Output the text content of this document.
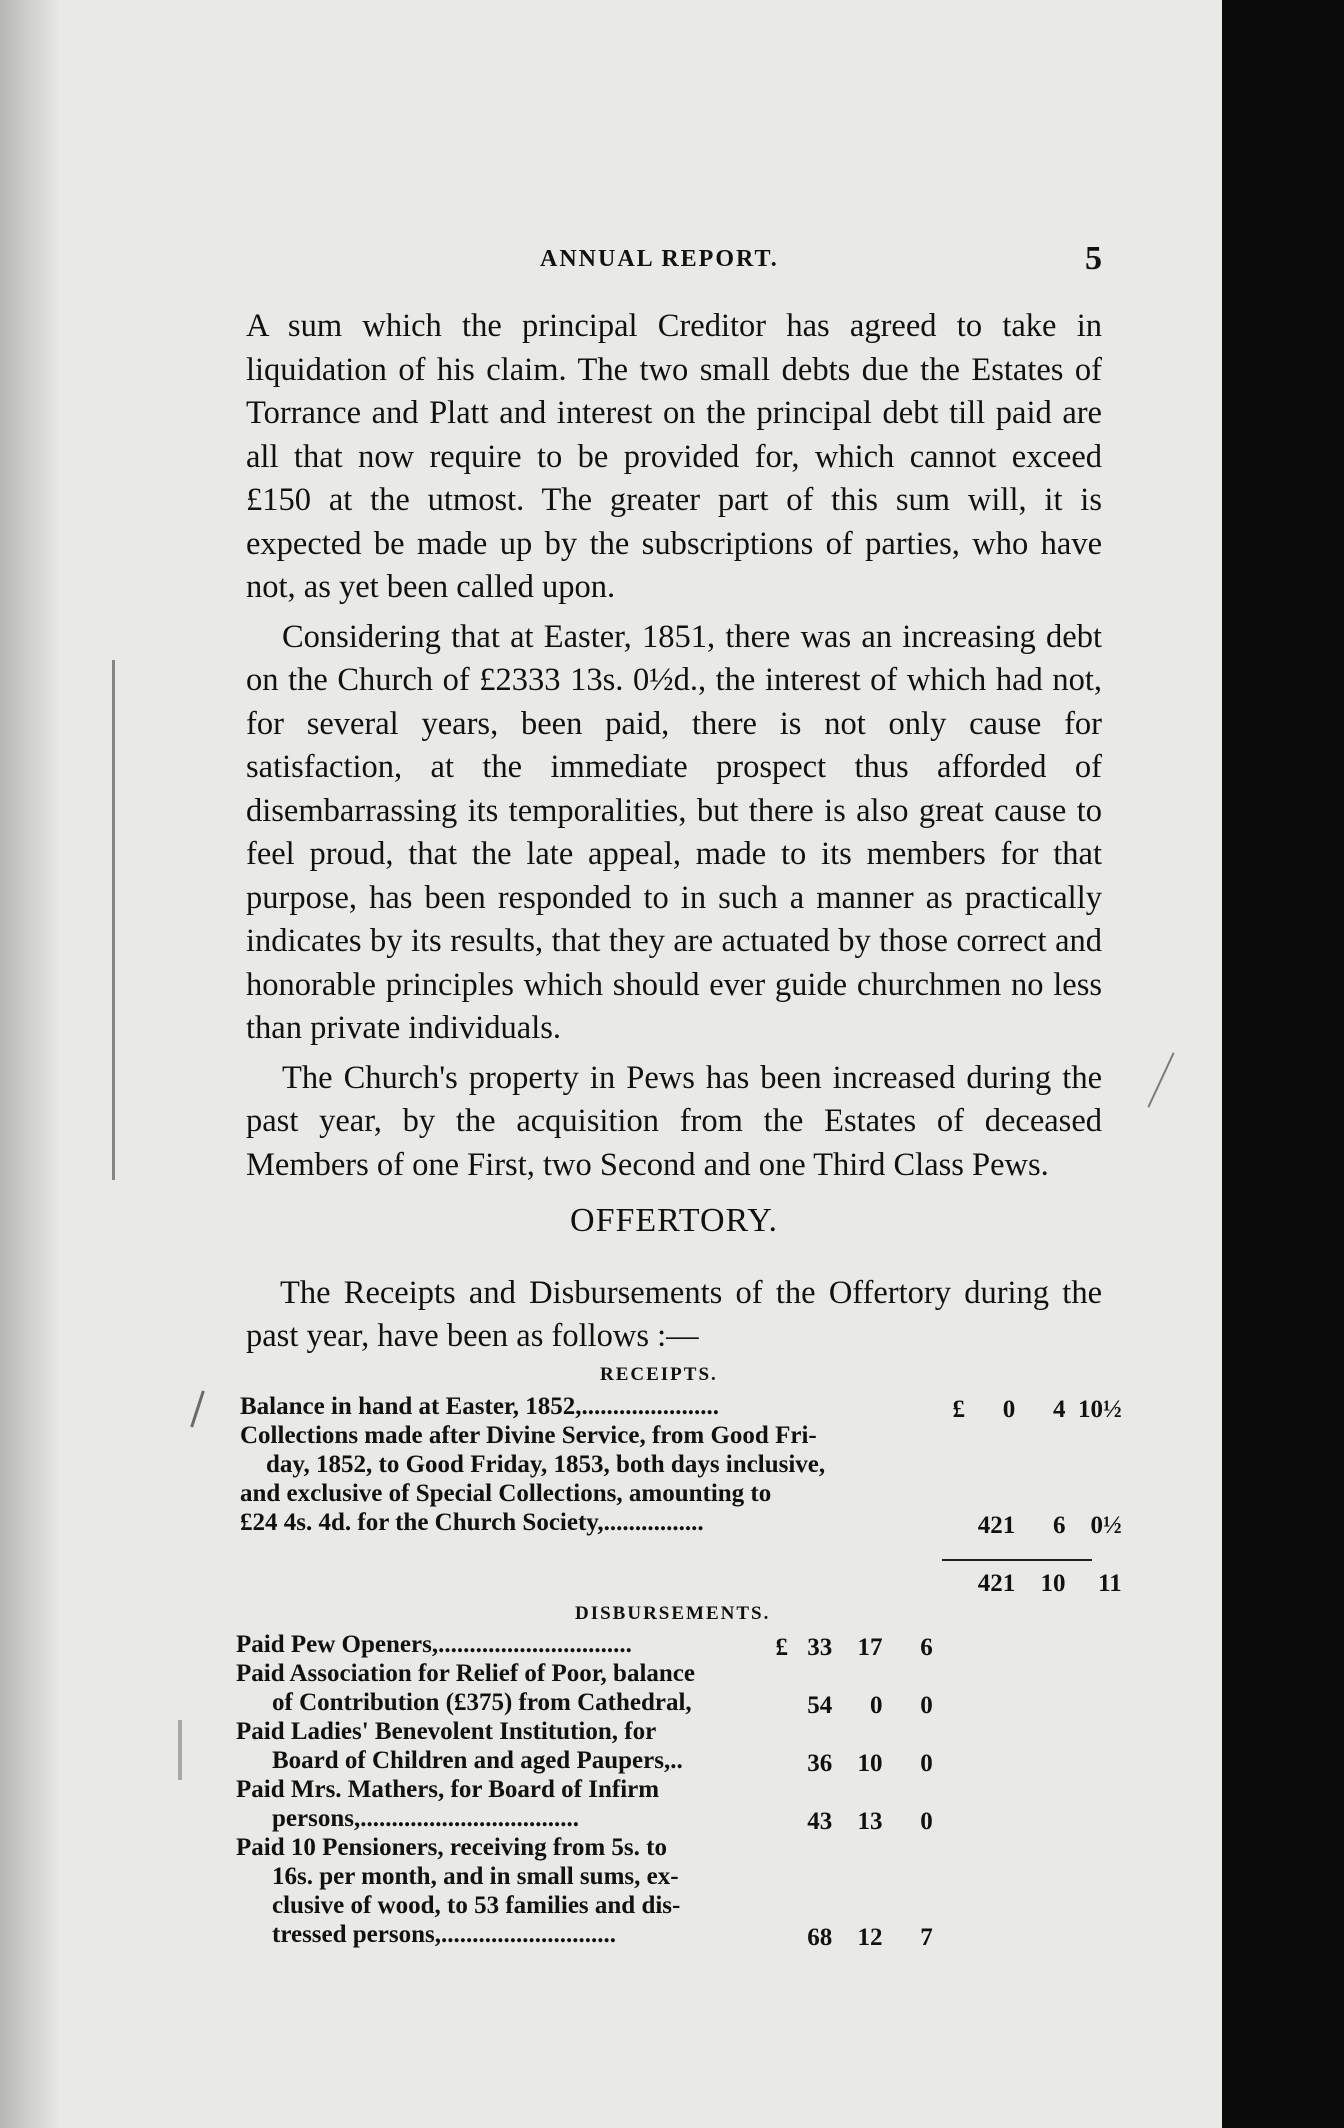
ANNUAL REPORT.	5

A sum which the principal Creditor has agreed to take in liquidation of his claim. The two small debts due the Estates of Torrance and Platt and interest on the principal debt till paid are all that now require to be provided for, which cannot exceed £150 at the utmost. The greater part of this sum will, it is expected be made up by the subscriptions of parties, who have not, as yet been called upon.

Considering that at Easter, 1851, there was an increasing debt on the Church of £2333 13s. 0½d., the interest of which had not, for several years, been paid, there is not only cause for satisfaction, at the immediate prospect thus afforded of disembarrassing its temporalities, but there is also great cause to feel proud, that the late appeal, made to its members for that purpose, has been responded to in such a manner as practically indicates by its results, that they are actuated by those correct and honorable principles which should ever guide churchmen no less than private individuals.

The Church's property in Pews has been increased during the past year, by the acquisition from the Estates of deceased Members of one First, two Second and one Third Class Pews.

OFFERTORY.
The Receipts and Disbursements of the Offertory during the past year, have been as follows :—
RECEIPTS.
Balance in hand at Easter, 1852,......................
Collections made after Divine Service, from Good Fri-
day, 1852, to Good Friday, 1853, both days inclusive,
and exclusive of Special Collections, amounting to
£24 4s. 4d. for the Church Society,................
£ 0 4 10½
421 6 0½
421 10 11
DISBURSEMENTS.
Paid Pew Openers,...............................
Paid Association for Relief of Poor, balance
of Contribution (£375) from Cathedral,
Paid Ladies' Benevolent Institution, for
Board of Children and aged Paupers,..
Paid Mrs. Mathers, for Board of Infirm
persons,...................................
Paid 10 Pensioners, receiving from 5s. to
16s. per month, and in small sums, ex-
clusive of wood, to 53 families and dis-
tressed persons,............................
£ 33 17 6
54 0 0
36 10 0
43 13 0
68 12 7
